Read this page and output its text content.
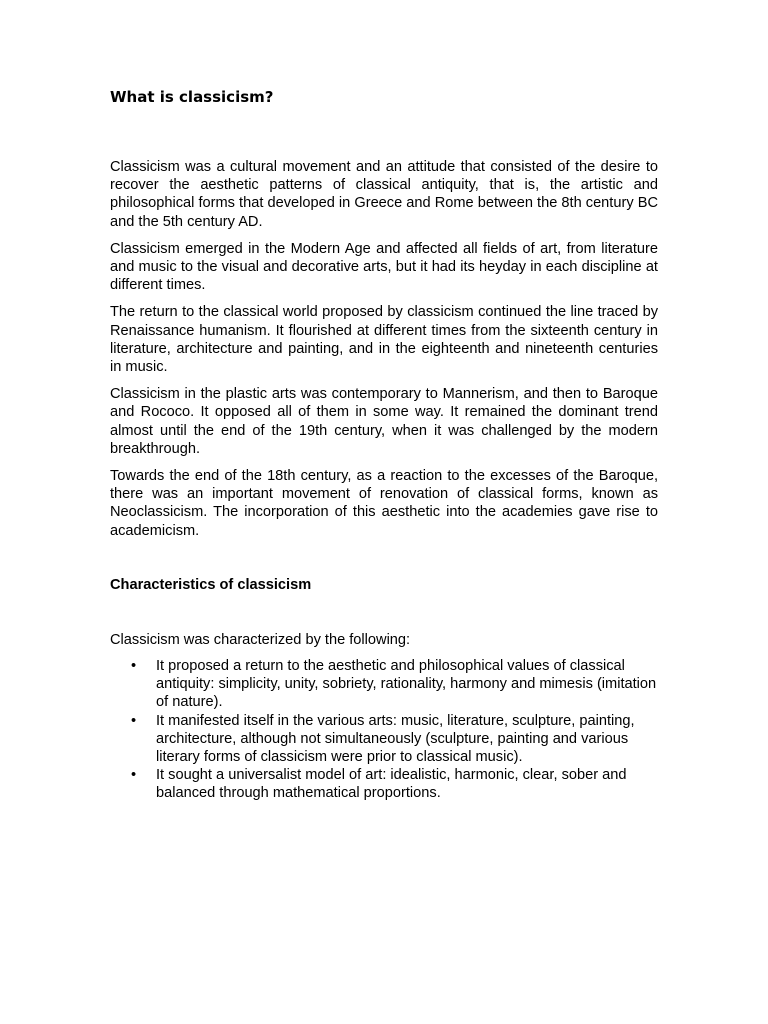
What is classicism?

Classicism was a cultural movement and an attitude that consisted of the desire to recover the aesthetic patterns of classical antiquity, that is, the artistic and philosophical forms that developed in Greece and Rome between the 8th century BC and the 5th century AD.

Classicism emerged in the Modern Age and affected all fields of art, from literature and music to the visual and decorative arts, but it had its heyday in each discipline at different times.

The return to the classical world proposed by classicism continued the line traced by Renaissance humanism. It flourished at different times from the sixteenth century in literature, architecture and painting, and in the eighteenth and nineteenth centuries in music.

Classicism in the plastic arts was contemporary to Mannerism, and then to Baroque and Rococo. It opposed all of them in some way. It remained the dominant trend almost until the end of the 19th century, when it was challenged by the modern breakthrough.

Towards the end of the 18th century, as a reaction to the excesses of the Baroque, there was an important movement of renovation of classical forms, known as Neoclassicism. The incorporation of this aesthetic into the academies gave rise to academicism.

Characteristics of classicism

Classicism was characterized by the following:

• It proposed a return to the aesthetic and philosophical values of classical antiquity: simplicity, unity, sobriety, rationality, harmony and mimesis (imitation of nature).
• It manifested itself in the various arts: music, literature, sculpture, painting, architecture, although not simultaneously (sculpture, painting and various literary forms of classicism were prior to classical music).
• It sought a universalist model of art: idealistic, harmonic, clear, sober and balanced through mathematical proportions.
